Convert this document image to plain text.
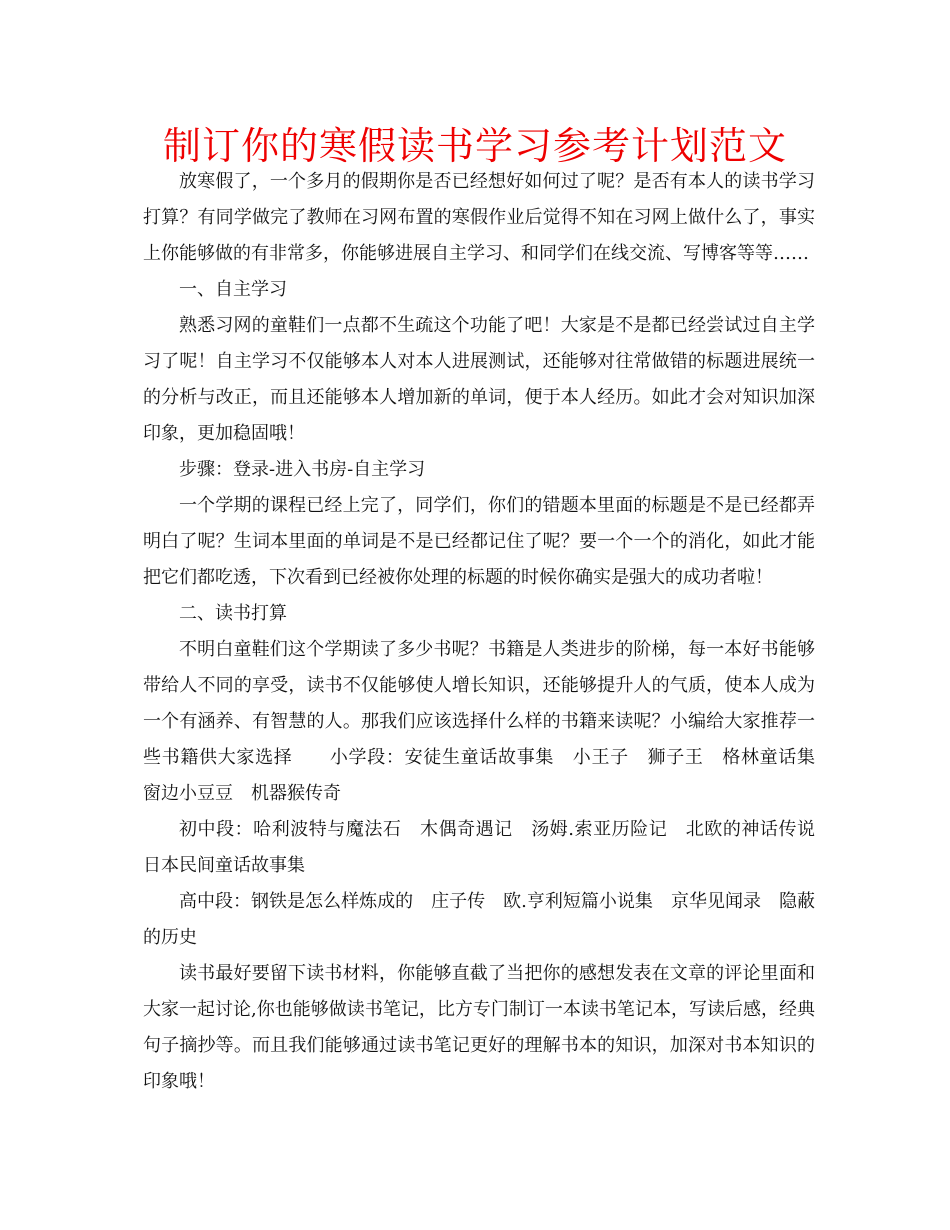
制订你的寒假读书学习参考计划范文

放寒假了，一个多月的假期你是否已经想好如何过了呢？是否有本人的读书学习打算？有同学做完了教师在习网布置的寒假作业后觉得不知在习网上做什么了，事实上你能够做的有非常多，你能够进展自主学习、和同学们在线交流、写博客等等……

一、自主学习

熟悉习网的童鞋们一点都不生疏这个功能了吧！大家是不是都已经尝试过自主学习了呢！自主学习不仅能够本人对本人进展测试，还能够对往常做错的标题进展统一的分析与改正，而且还能够本人增加新的单词，便于本人经历。如此才会对知识加深印象，更加稳固哦！

步骤：登录-进入书房-自主学习

一个学期的课程已经上完了，同学们，你们的错题本里面的标题是不是已经都弄明白了呢？生词本里面的单词是不是已经都记住了呢？要一个一个的消化，如此才能把它们都吃透，下次看到已经被你处理的标题的时候你确实是强大的成功者啦！

二、读书打算

不明白童鞋们这个学期读了多少书呢？书籍是人类进步的阶梯，每一本好书能够带给人不同的享受，读书不仅能够使人增长知识，还能够提升人的气质，使本人成为一个有涵养、有智慧的人。那我们应该选择什么样的书籍来读呢？小编给大家推荐一些书籍供大家选择　　小学段：安徒生童话故事集　小王子　狮子王　格林童话集　窗边小豆豆　机器猴传奇

初中段：哈利波特与魔法石　木偶奇遇记　汤姆.索亚历险记　北欧的神话传说　日本民间童话故事集

高中段：钢铁是怎么样炼成的　庄子传　欧.亨利短篇小说集　京华见闻录　隐蔽的历史

读书最好要留下读书材料，你能够直截了当把你的感想发表在文章的评论里面和大家一起讨论,你也能够做读书笔记，比方专门制订一本读书笔记本，写读后感，经典句子摘抄等。而且我们能够通过读书笔记更好的理解书本的知识，加深对书本知识的印象哦！
